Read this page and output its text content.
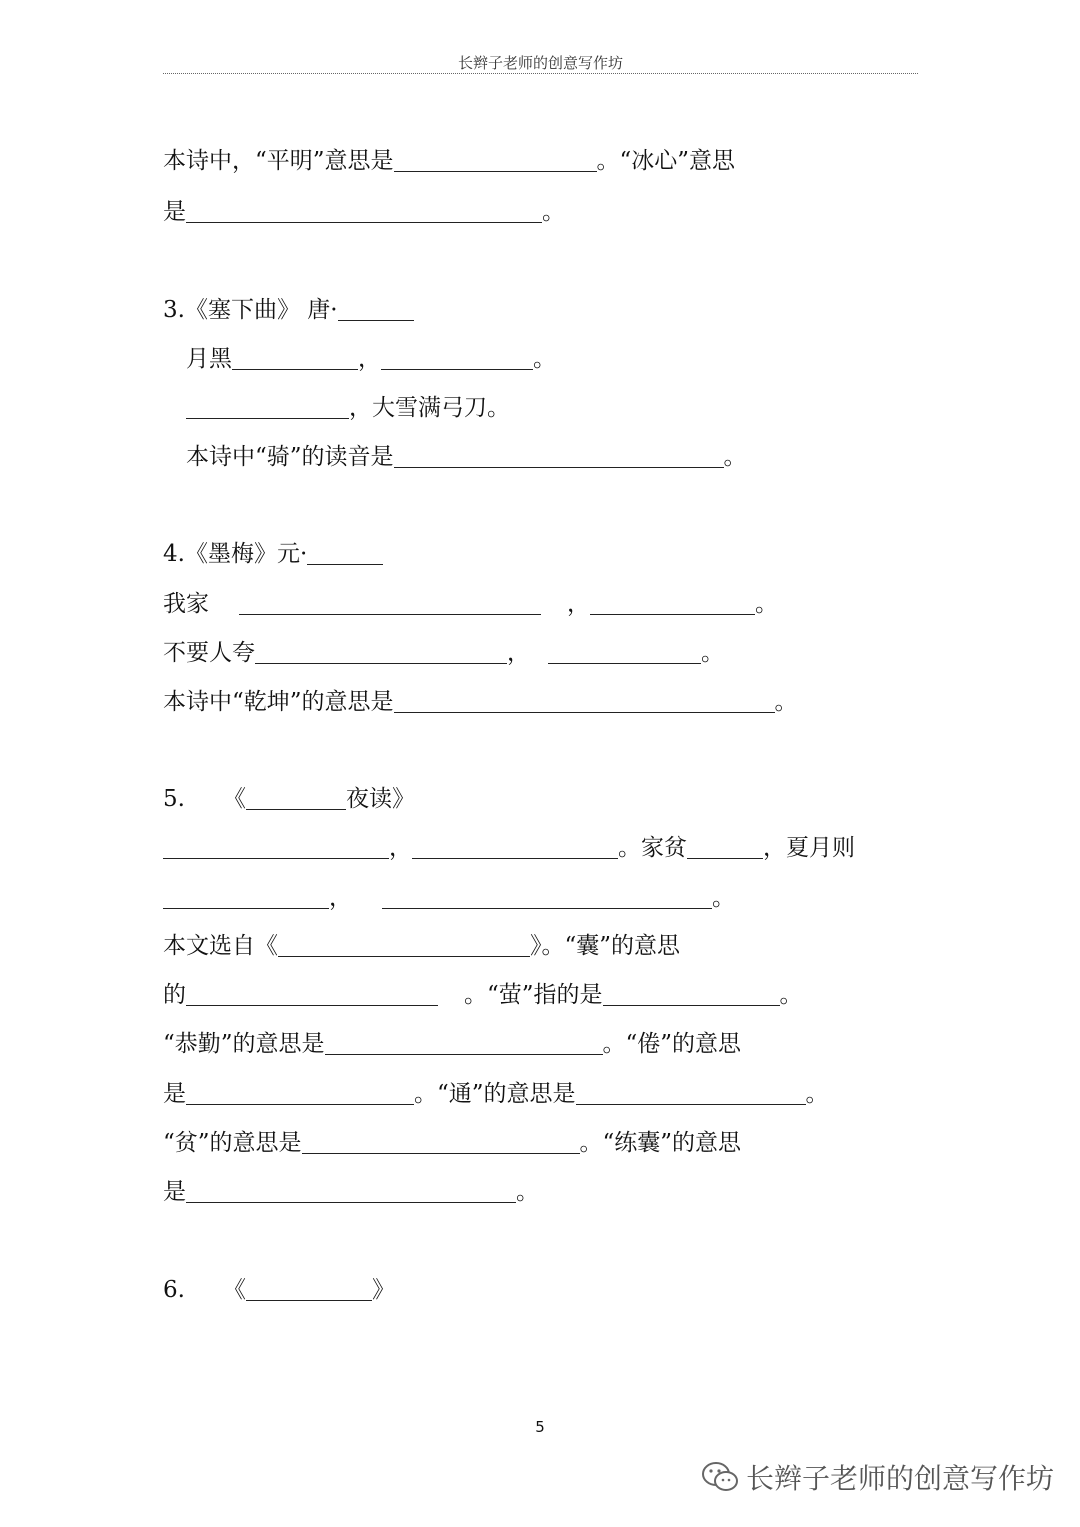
长辫子老师的创意写作坊
本诗中，“平明”意思是	。“冰心”意思
是	。
3.《塞下曲》 唐·
月黑	，	。
，大雪满弓刀。
本诗中“骑”的读音是	。
4.《墨梅》元·
我家	，	。
不要人夸	，	。
本诗中“乾坤”的意思是	。
5. 《	夜读》
，	。家贫	，夏月则
，	。
本文选自《	》。“囊”的意思
的	。“萤”指的是	。
“恭勤”的意思是	。“倦”的意思
是	。“通”的意思是	。
“贫”的意思是	。“练囊”的意思
是	。
6. 《	》
5
长辫子老师的创意写作坊
